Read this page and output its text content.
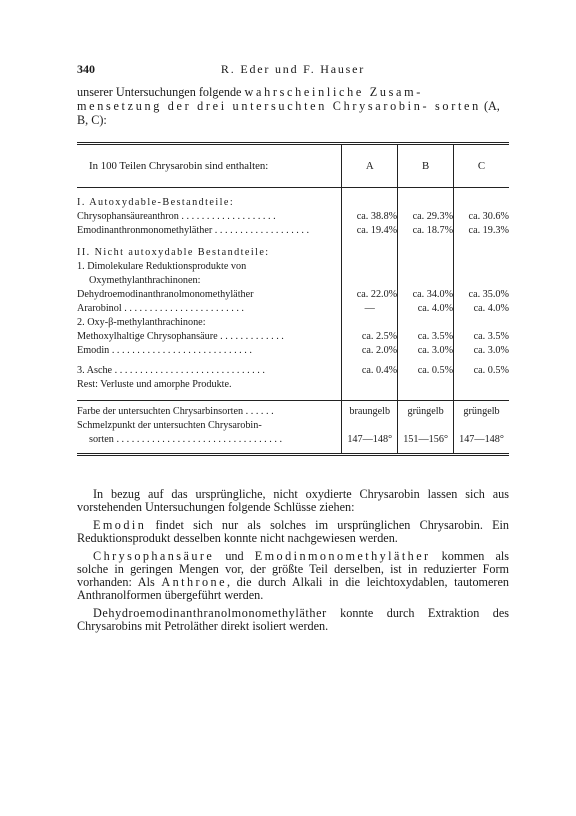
340	R. Eder und F. Hauser
unserer Untersuchungen folgende wahrscheinliche Zusam- mensetzung der drei untersuchten Chrysarobin- sorten (A, B, C):
In 100 Teilen Chrysarobin sind enthalten:	A	B	C

I. Autoxydable-Bestandteile:			
Chrysophansäureanthron . . . . . . . . . . . . . . . . . . .	ca. 38.8%	ca. 29.3%	ca. 30.6%
Emodinanthronmonomethyläther . . . . . . . . . . . . . . . . . . .	ca. 19.4%	ca. 18.7%	ca. 19.3%

II. Nicht autoxydable Bestandteile:			

1. Dimolekulare Reduktionsprodukte von
Oxymethylanthrachinonen:			

Dehydroemodinanthranolmonomethyläther	ca. 22.0%	ca. 34.0%	ca. 35.0%
Ararobinol . . . . . . . . . . . . . . . . . . . . . . . .	—	ca. 4.0%	ca. 4.0%
2. Oxy-β-methylanthrachinone:			
Methoxylhaltige Chrysophansäure . . . . . . . . . . . . .	ca. 2.5%	ca. 3.5%	ca. 3.5%
Emodin . . . . . . . . . . . . . . . . . . . . . . . . . . . .	ca. 2.0%	ca. 3.0%	ca. 3.0%

3. Asche . . . . . . . . . . . . . . . . . . . . . . . . . . . . . .	ca. 0.4%	ca. 0.5%	ca. 0.5%
Rest: Verluste und amorphe Produkte.			

Farbe der untersuchten Chrysarbinsorten . . . . . .	braungelb	grüngelb	grüngelb

Schmelzpunkt der untersuchten Chrysarobin-
sorten . . . . . . . . . . . . . . . . . . . . . . . . . . . . . . . . .	147—148°	151—156°	147—148°

In bezug auf das ursprüngliche, nicht oxydierte Chrysarobin lassen sich aus vorstehenden Untersuchungen folgende Schlüsse ziehen:

Emodin findet sich nur als solches im ursprünglichen Chrysarobin. Ein Reduktionsprodukt desselben konnte nicht nachgewiesen werden.

Chrysophansäure und Emodinmonomethyläther kommen als solche in geringen Mengen vor, der größte Teil derselben, ist in reduzierter Form vorhanden: Als Anthrone, die durch Alkali in die leichtoxydablen, tautomeren Anthranolformen übergeführt werden.

Dehydroemodinanthranolmonomethyläther konnte durch Extraktion des Chrysarobins mit Petroläther direkt isoliert werden.
